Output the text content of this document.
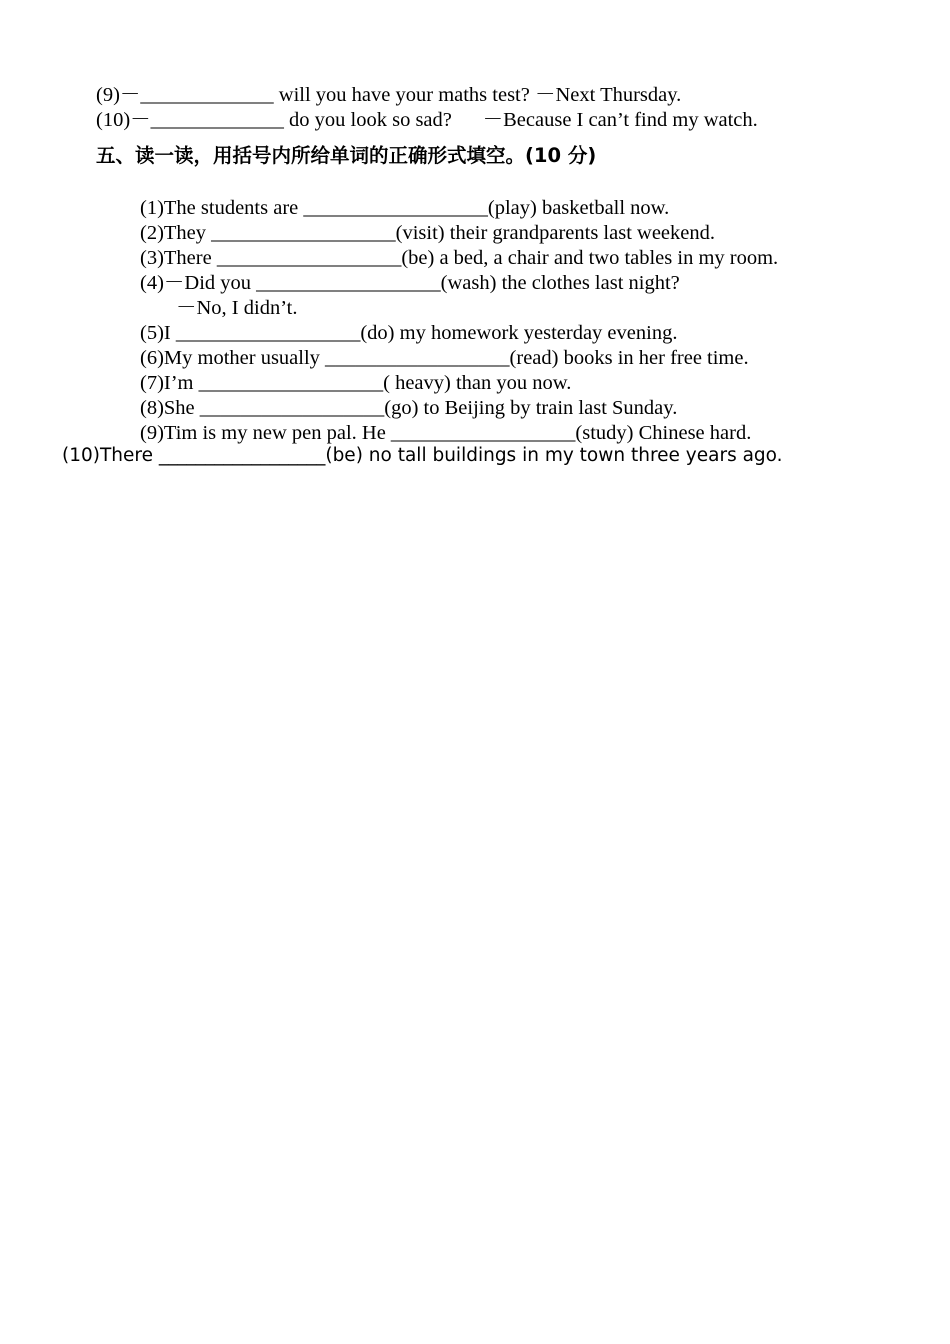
(9)－_____________ will you have your maths test? －Next Thursday.
(10)－_____________ do you look so sad?      －Because I can’t find my watch.
五、读一读，用括号内所给单词的正确形式填空。(10 分)
(1)The students are __________________(play) basketball now.
(2)They __________________(visit) their grandparents last weekend.
(3)There __________________(be) a bed, a chair and two tables in my room.
(4)－Did you __________________(wash) the clothes last night?
－No, I didn’t.
(5)I __________________(do) my homework yesterday evening.
(6)My mother usually __________________(read) books in her free time.
(7)I’m __________________( heavy) than you now.
(8)She __________________(go) to Beijing by train last Sunday.
(9)Tim is my new pen pal. He __________________(study) Chinese hard.
(10)There __________________(be) no tall buildings in my town three years ago.
